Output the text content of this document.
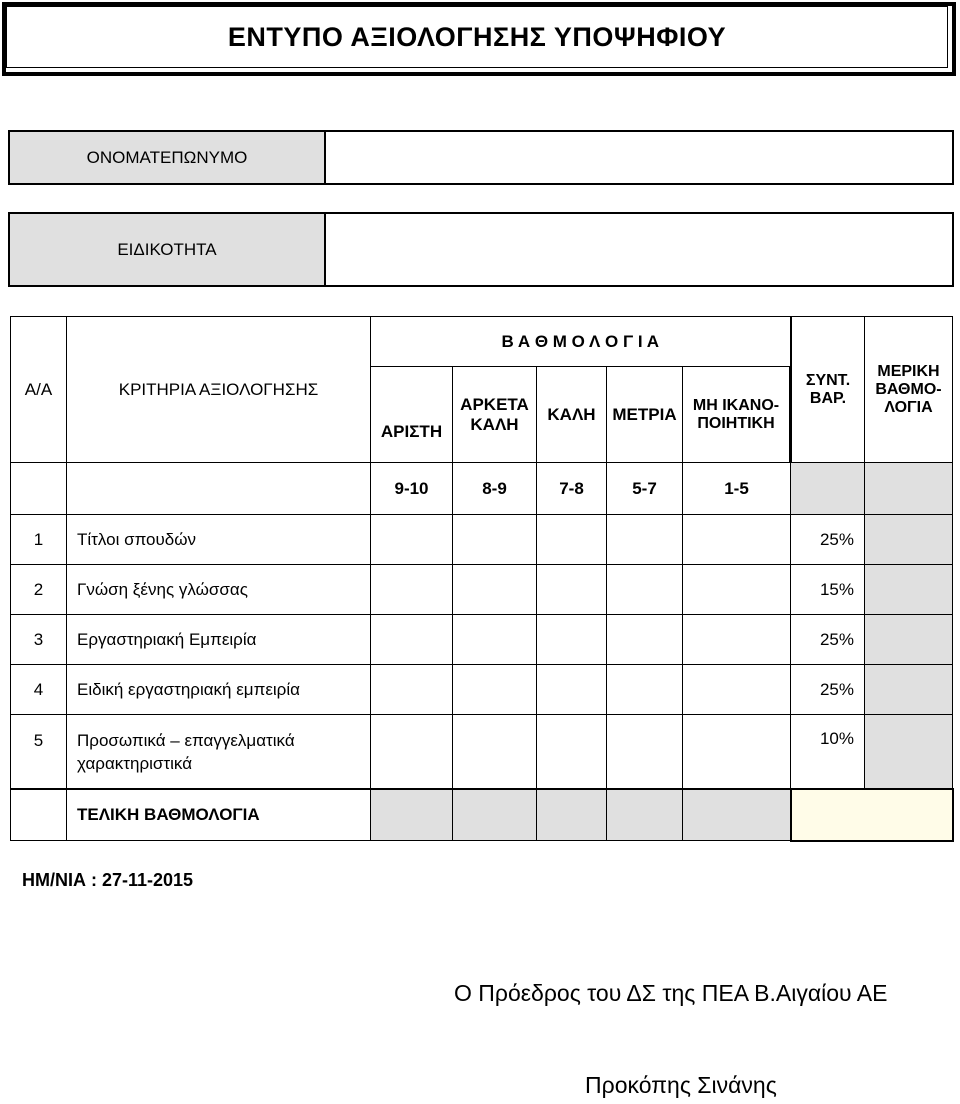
ΕΝΤΥΠΟ ΑΞΙΟΛΟΓΗΣΗΣ ΥΠΟΨΗΦΙΟΥ
ΟΝΟΜΑΤΕΠΩΝΥΜΟ
ΕΙΔΙΚΟΤΗΤΑ
Α/Α	ΚΡΙΤΗΡΙΑ ΑΞΙΟΛΟΓΗΣΗΣ	Β Α Θ Μ Ο Λ Ο Γ Ι Α					ΣΥΝΤ. ΒΑΡ.	ΜΕΡΙΚΗ ΒΑΘΜΟ-ΛΟΓΙΑ
		ΑΡΙΣΤΗ	ΑΡΚΕΤΑ ΚΑΛΗ	ΚΑΛΗ	ΜΕΤΡΙΑ	ΜΗ ΙΚΑΝΟ-ΠΟΙΗΤΙΚΗ		
		9-10	8-9	7-8	5-7	1-5		
1	Τίτλοι σπουδών						25%	
2	Γνώση ξένης γλώσσας						15%	
3	Εργαστηριακή Εμπειρία						25%	
4	Ειδική εργαστηριακή εμπειρία						25%	
5	Προσωπικά – επαγγελματικά χαρακτηριστικά						10%	
	ΤΕΛΙΚΗ ΒΑΘΜΟΛΟΓΙΑ							
ΗΜ/ΝΙΑ : 27-11-2015
Ο Πρόεδρος του ΔΣ της ΠΕΑ Β.Αιγαίου ΑΕ
Προκόπης Σινάνης
